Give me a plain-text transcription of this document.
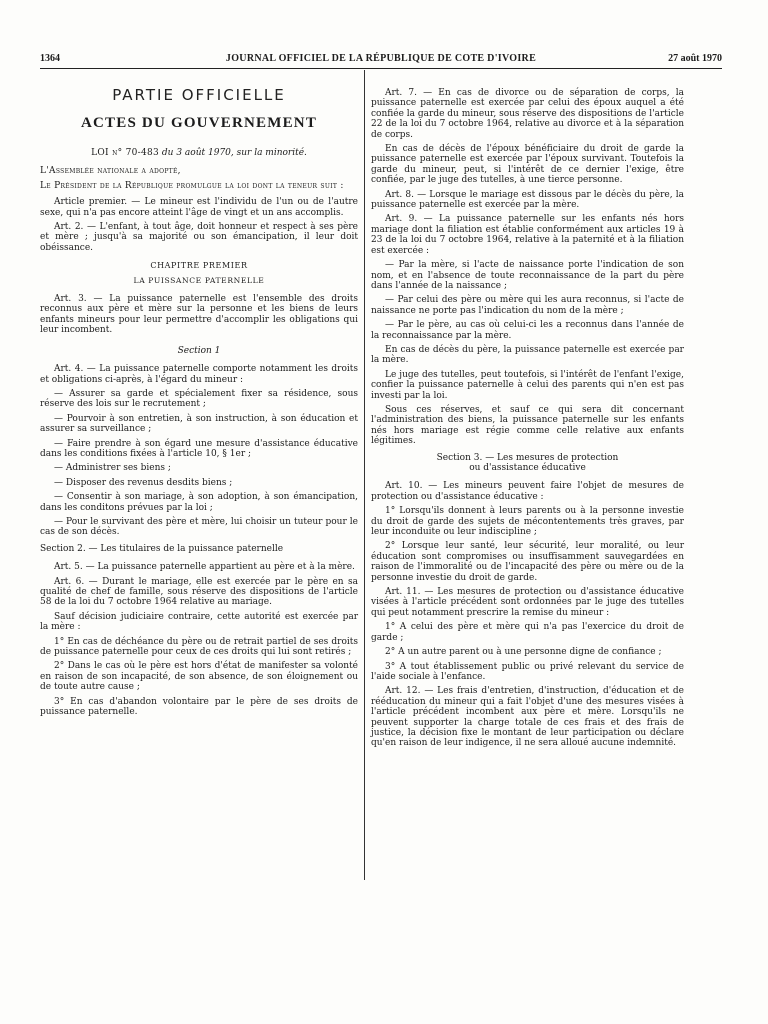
1364	JOURNAL OFFICIEL DE LA RÉPUBLIQUE DE COTE D'IVOIRE	27 août 1970
PARTIE OFFICIELLE
ACTES DU GOUVERNEMENT
LOI n° 70-483 du 3 août 1970, sur la minorité.

L'Assemblée nationale a adopté,

Le Président de la République promulgue la loi dont la teneur suit :

Article premier. — Le mineur est l'individu de l'un ou de l'autre sexe, qui n'a pas encore atteint l'âge de vingt et un ans accomplis.

Art. 2. — L'enfant, à tout âge, doit honneur et respect à ses père et mère ; jusqu'à sa majorité ou son émancipation, il leur doit obéissance.

CHAPITRE PREMIER
LA PUISSANCE PATERNELLE

Art. 3. — La puissance paternelle est l'ensemble des droits reconnus aux père et mère sur la personne et les biens de leurs enfants mineurs pour leur permettre d'accomplir les obligations qui leur incombent.

Section 1

Art. 4. — La puissance paternelle comporte notamment les droits et obligations ci-après, à l'égard du mineur :

— Assurer sa garde et spécialement fixer sa résidence, sous réserve des lois sur le recrutement ;

— Pourvoir à son entretien, à son instruction, à son éducation et assurer sa surveillance ;

— Faire prendre à son égard une mesure d'assistance éducative dans les conditions fixées à l'article 10, § 1er ;

— Administrer ses biens ;

— Disposer des revenus desdits biens ;

— Consentir à son mariage, à son adoption, à son émancipation, dans les conditons prévues par la loi ;

— Pour le survivant des père et mère, lui choisir un tuteur pour le cas de son décès.

Section 2. — Les titulaires de la puissance paternelle

Art. 5. — La puissance paternelle appartient au père et à la mère.

Art. 6. — Durant le mariage, elle est exercée par le père en sa qualité de chef de famille, sous réserve des dispositions de l'article 58 de la loi du 7 octobre 1964 relative au mariage.

Sauf décision judiciaire contraire, cette autorité est exercée par la mère :

1° En cas de déchéance du père ou de retrait partiel de ses droits de puissance paternelle pour ceux de ces droits qui lui sont retirés ;

2° Dans le cas où le père est hors d'état de manifester sa volonté en raison de son incapacité, de son absence, de son éloignement ou de toute autre cause ;

3° En cas d'abandon volontaire par le père de ses droits de puissance paternelle.

Art. 7. — En cas de divorce ou de séparation de corps, la puissance paternelle est exercée par celui des époux auquel a été confiée la garde du mineur, sous réserve des dispositions de l'article 22 de la loi du 7 octobre 1964, relative au divorce et à la séparation de corps.

En cas de décès de l'époux bénéficiaire du droit de garde la puissance paternelle est exercée par l'époux survivant. Toutefois la garde du mineur, peut, si l'intérêt de ce dernier l'exige, être confiée, par le juge des tutelles, à une tierce personne.

Art. 8. — Lorsque le mariage est dissous par le décès du père, la puissance paternelle est exercée par la mère.

Art. 9. — La puissance paternelle sur les enfants nés hors mariage dont la filiation est établie conformément aux articles 19 à 23 de la loi du 7 octobre 1964, relative à la paternité et à la filiation est exercée :

— Par la mère, si l'acte de naissance porte l'indication de son nom, et en l'absence de toute reconnaissance de la part du père dans l'année de la naissance ;

— Par celui des père ou mère qui les aura reconnus, si l'acte de naissance ne porte pas l'indication du nom de la mère ;

— Par le père, au cas où celui-ci les a reconnus dans l'année de la reconnaissance par la mère.

En cas de décès du père, la puissance paternelle est exercée par la mère.

Le juge des tutelles, peut toutefois, si l'intérêt de l'enfant l'exige, confier la puissance paternelle à celui des parents qui n'en est pas investi par la loi.

Sous ces réserves, et sauf ce qui sera dit concernant l'administration des biens, la puissance paternelle sur les enfants nés hors mariage est régie comme celle relative aux enfants légitimes.

Section 3. — Les mesures de protection
ou d'assistance éducative

Art. 10. — Les mineurs peuvent faire l'objet de mesures de protection ou d'assistance éducative :

1° Lorsqu'ils donnent à leurs parents ou à la personne investie du droit de garde des sujets de mécontentements très graves, par leur inconduite ou leur indiscipline ;

2° Lorsque leur santé, leur sécurité, leur moralité, ou leur éducation sont compromises ou insuffisamment sauvegardées en raison de l'immoralité ou de l'incapacité des père ou mère ou de la personne investie du droit de garde.

Art. 11. — Les mesures de protection ou d'assistance éducative visées à l'article précédent sont ordonnées par le juge des tutelles qui peut notamment prescrire la remise du mineur :

1° A celui des père et mère qui n'a pas l'exercice du droit de garde ;

2° A un autre parent ou à une personne digne de confiance ;

3° A tout établissement public ou privé relevant du service de l'aide sociale à l'enfance.

Art. 12. — Les frais d'entretien, d'instruction, d'éducation et de rééducation du mineur qui a fait l'objet d'une des mesures visées à l'article précédent incombent aux père et mère. Lorsqu'ils ne peuvent supporter la charge totale de ces frais et des frais de justice, la décision fixe le montant de leur participation ou déclare qu'en raison de leur indigence, il ne sera alloué aucune indemnité.
